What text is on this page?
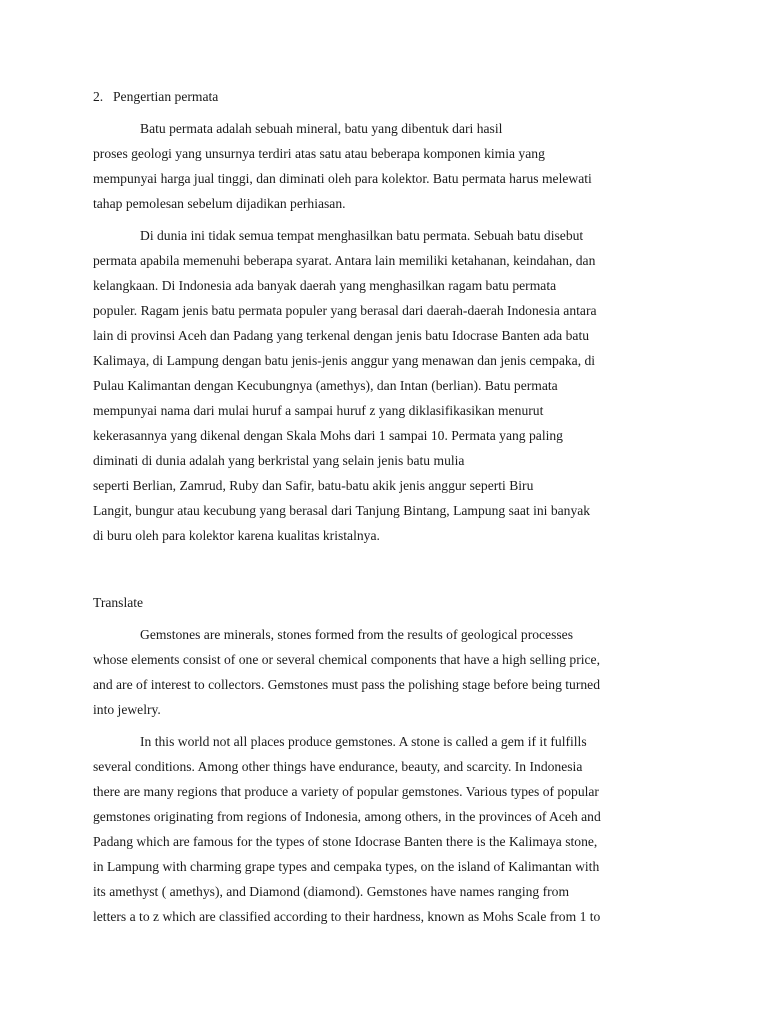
2. Pengertian permata
Batu permata adalah sebuah mineral, batu yang dibentuk dari hasil
proses geologi yang unsurnya terdiri atas satu atau beberapa komponen kimia yang
mempunyai harga jual tinggi, dan diminati oleh para kolektor. Batu permata harus melewati
tahap pemolesan sebelum dijadikan perhiasan.
Di dunia ini tidak semua tempat menghasilkan batu permata. Sebuah batu disebut
permata apabila memenuhi beberapa syarat. Antara lain memiliki ketahanan, keindahan, dan
kelangkaan. Di Indonesia ada banyak daerah yang menghasilkan ragam batu permata
populer. Ragam jenis batu permata populer yang berasal dari daerah-daerah Indonesia antara
lain di provinsi Aceh dan Padang yang terkenal dengan jenis batu Idocrase Banten ada batu
Kalimaya, di Lampung dengan batu jenis-jenis anggur yang menawan dan jenis cempaka, di
Pulau Kalimantan dengan Kecubungnya (amethys), dan Intan (berlian). Batu permata
mempunyai nama dari mulai huruf a sampai huruf z yang diklasifikasikan menurut
kekerasannya yang dikenal dengan Skala Mohs dari 1 sampai 10. Permata yang paling
diminati di dunia adalah yang berkristal yang selain jenis batu mulia
seperti Berlian, Zamrud, Ruby dan Safir, batu-batu akik jenis anggur seperti Biru
Langit, bungur atau kecubung yang berasal dari Tanjung Bintang, Lampung saat ini banyak
di buru oleh para kolektor karena kualitas kristalnya.
Translate
Gemstones are minerals, stones formed from the results of geological processes
whose elements consist of one or several chemical components that have a high selling price,
and are of interest to collectors. Gemstones must pass the polishing stage before being turned
into jewelry.
In this world not all places produce gemstones. A stone is called a gem if it fulfills
several conditions. Among other things have endurance, beauty, and scarcity. In Indonesia
there are many regions that produce a variety of popular gemstones. Various types of popular
gemstones originating from regions of Indonesia, among others, in the provinces of Aceh and
Padang which are famous for the types of stone Idocrase Banten there is the Kalimaya stone,
in Lampung with charming grape types and cempaka types, on the island of Kalimantan with
its amethyst ( amethys), and Diamond (diamond). Gemstones have names ranging from
letters a to z which are classified according to their hardness, known as Mohs Scale from 1 to
